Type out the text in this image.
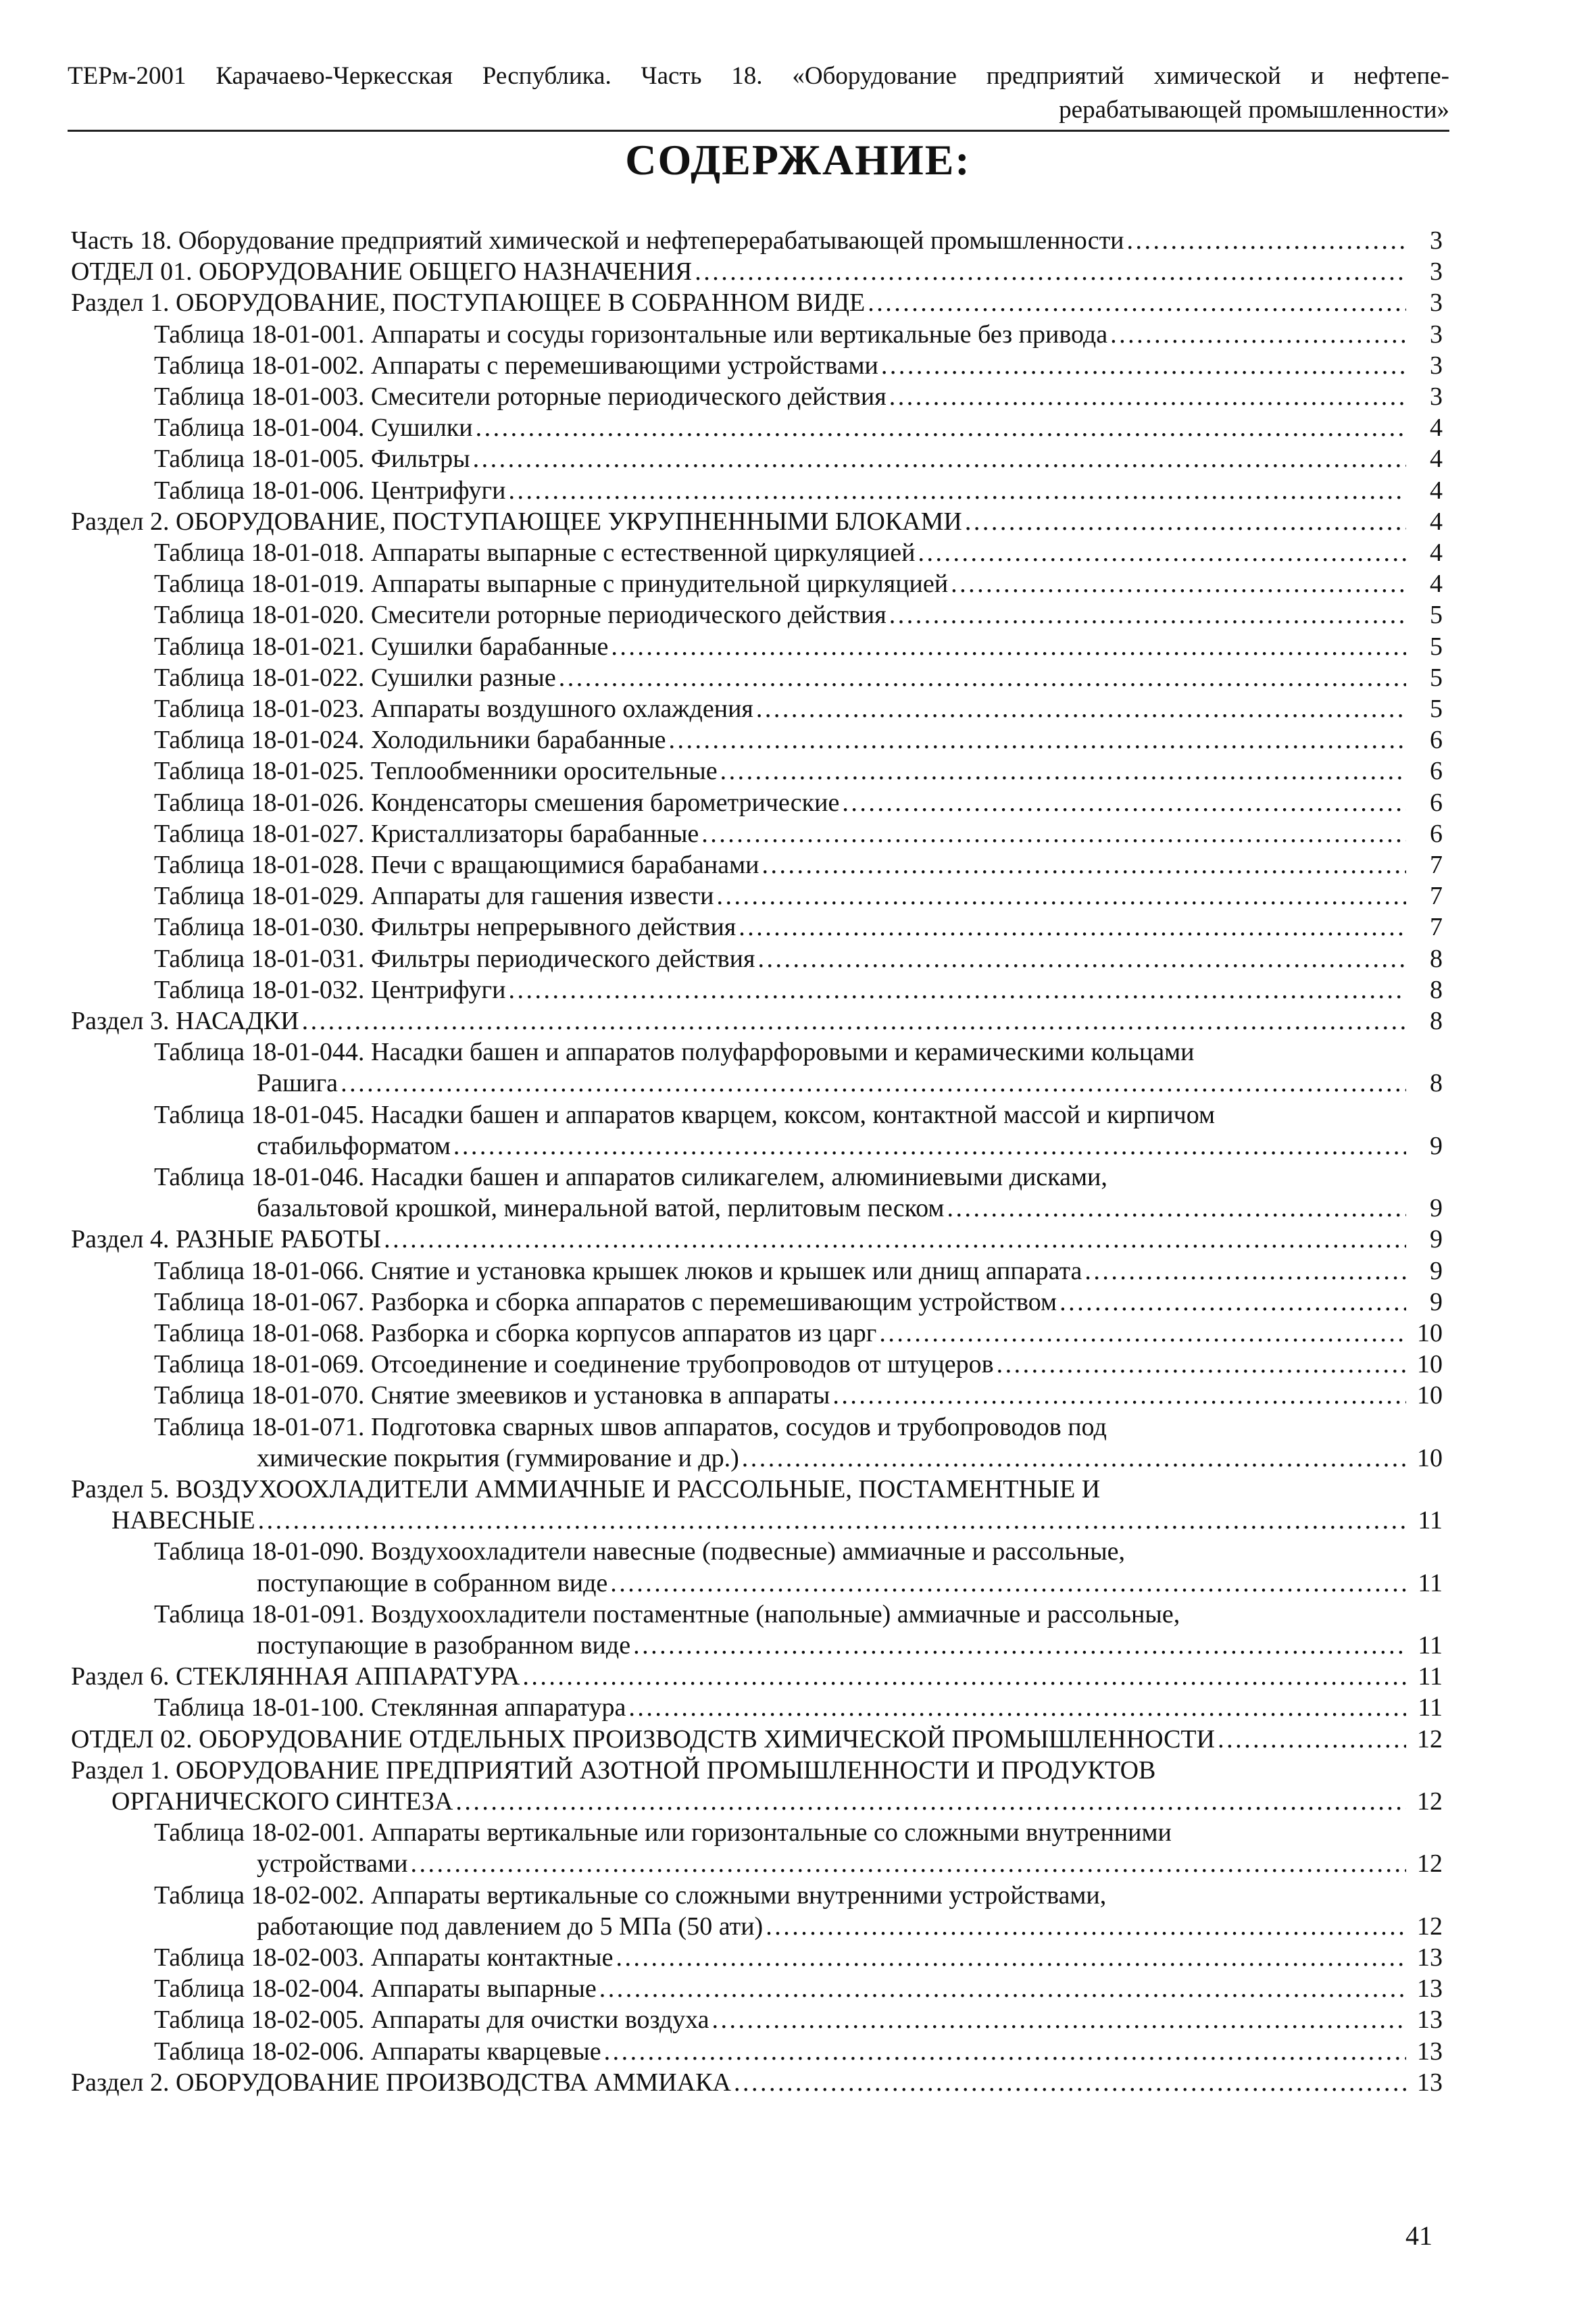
ТЕРм-2001 Карачаево-Черкесская Республика. Часть 18. «Оборудование предприятий химической и нефтепе-
рерабатывающей промышленности»
СОДЕРЖАНИЕ:
Часть 18. Оборудование предприятий химической и нефтеперерабатывающей промышленности . . .	3
ОТДЕЛ 01. ОБОРУДОВАНИЕ ОБЩЕГО НАЗНАЧЕНИЯ . . .	3
Раздел 1. ОБОРУДОВАНИЕ, ПОСТУПАЮЩЕЕ В СОБРАННОМ ВИДЕ . . .	3
Таблица 18-01-001. Аппараты и сосуды горизонтальные или вертикальные без привода . . .	3
Таблица 18-01-002. Аппараты с перемешивающими устройствами . . .	3
Таблица 18-01-003. Смесители роторные периодического действия . . .	3
Таблица 18-01-004. Сушилки . . .	4
Таблица 18-01-005. Фильтры . . .	4
Таблица 18-01-006. Центрифуги . . .	4
Раздел 2. ОБОРУДОВАНИЕ, ПОСТУПАЮЩЕЕ УКРУПНЕННЫМИ БЛОКАМИ . . .	4
Таблица 18-01-018. Аппараты выпарные с естественной циркуляцией . . .	4
Таблица 18-01-019. Аппараты выпарные с принудительной циркуляцией . . .	4
Таблица 18-01-020. Смесители роторные периодического действия . . .	5
Таблица 18-01-021. Сушилки барабанные . . .	5
Таблица 18-01-022. Сушилки разные . . .	5
Таблица 18-01-023. Аппараты воздушного охлаждения . . .	5
Таблица 18-01-024. Холодильники барабанные . . .	6
Таблица 18-01-025. Теплообменники оросительные . . .	6
Таблица 18-01-026. Конденсаторы смешения барометрические . . .	6
Таблица 18-01-027. Кристаллизаторы барабанные . . .	6
Таблица 18-01-028. Печи с вращающимися барабанами . . .	7
Таблица 18-01-029. Аппараты для гашения извести . . .	7
Таблица 18-01-030. Фильтры непрерывного действия . . .	7
Таблица 18-01-031. Фильтры периодического действия . . .	8
Таблица 18-01-032. Центрифуги . . .	8
Раздел 3. НАСАДКИ . . .	8
Таблица 18-01-044. Насадки башен и аппаратов полуфарфоровыми и керамическими кольцами
Рашига . . .	8
Таблица 18-01-045. Насадки башен и аппаратов кварцем, коксом, контактной массой и кирпичом
стабильформатом . . .	9
Таблица 18-01-046. Насадки башен и аппаратов силикагелем, алюминиевыми дисками,
базальтовой крошкой, минеральной ватой, перлитовым песком . . .	9
Раздел 4. РАЗНЫЕ РАБОТЫ . . .	9
Таблица 18-01-066. Снятие и установка крышек люков и крышек или днищ аппарата . . .	9
Таблица 18-01-067. Разборка и сборка аппаратов с перемешивающим устройством . . .	9
Таблица 18-01-068. Разборка и сборка корпусов аппаратов из царг . . .	10
Таблица 18-01-069. Отсоединение и соединение трубопроводов от штуцеров . . .	10
Таблица 18-01-070. Снятие змеевиков и установка в аппараты . . .	10
Таблица 18-01-071. Подготовка сварных швов аппаратов, сосудов и трубопроводов под
химические покрытия (гуммирование и др.) . . .	10
Раздел 5. ВОЗДУХООХЛАДИТЕЛИ АММИАЧНЫЕ И РАССОЛЬНЫЕ, ПОСТАМЕНТНЫЕ И
НАВЕСНЫЕ . . .	11
Таблица 18-01-090. Воздухоохладители навесные (подвесные) аммиачные и рассольные,
поступающие в собранном виде . . .	11
Таблица 18-01-091. Воздухоохладители постаментные (напольные) аммиачные и рассольные,
поступающие в разобранном виде . . .	11
Раздел 6. СТЕКЛЯННАЯ АППАРАТУРА . . .	11
Таблица 18-01-100. Стеклянная аппаратура . . .	11
ОТДЕЛ 02. ОБОРУДОВАНИЕ ОТДЕЛЬНЫХ ПРОИЗВОДСТВ ХИМИЧЕСКОЙ ПРОМЫШЛЕННОСТИ . . .	12
Раздел 1. ОБОРУДОВАНИЕ ПРЕДПРИЯТИЙ АЗОТНОЙ ПРОМЫШЛЕННОСТИ И ПРОДУКТОВ
ОРГАНИЧЕСКОГО СИНТЕЗА . . .	12
Таблица 18-02-001. Аппараты вертикальные или горизонтальные со сложными внутренними
устройствами . . .	12
Таблица 18-02-002. Аппараты вертикальные со сложными внутренними устройствами,
работающие под давлением до 5 МПа (50 ати) . . .	12
Таблица 18-02-003. Аппараты контактные . . .	13
Таблица 18-02-004. Аппараты выпарные . . .	13
Таблица 18-02-005. Аппараты для очистки воздуха . . .	13
Таблица 18-02-006. Аппараты кварцевые . . .	13
Раздел 2. ОБОРУДОВАНИЕ ПРОИЗВОДСТВА АММИАКА . . .	13
41
